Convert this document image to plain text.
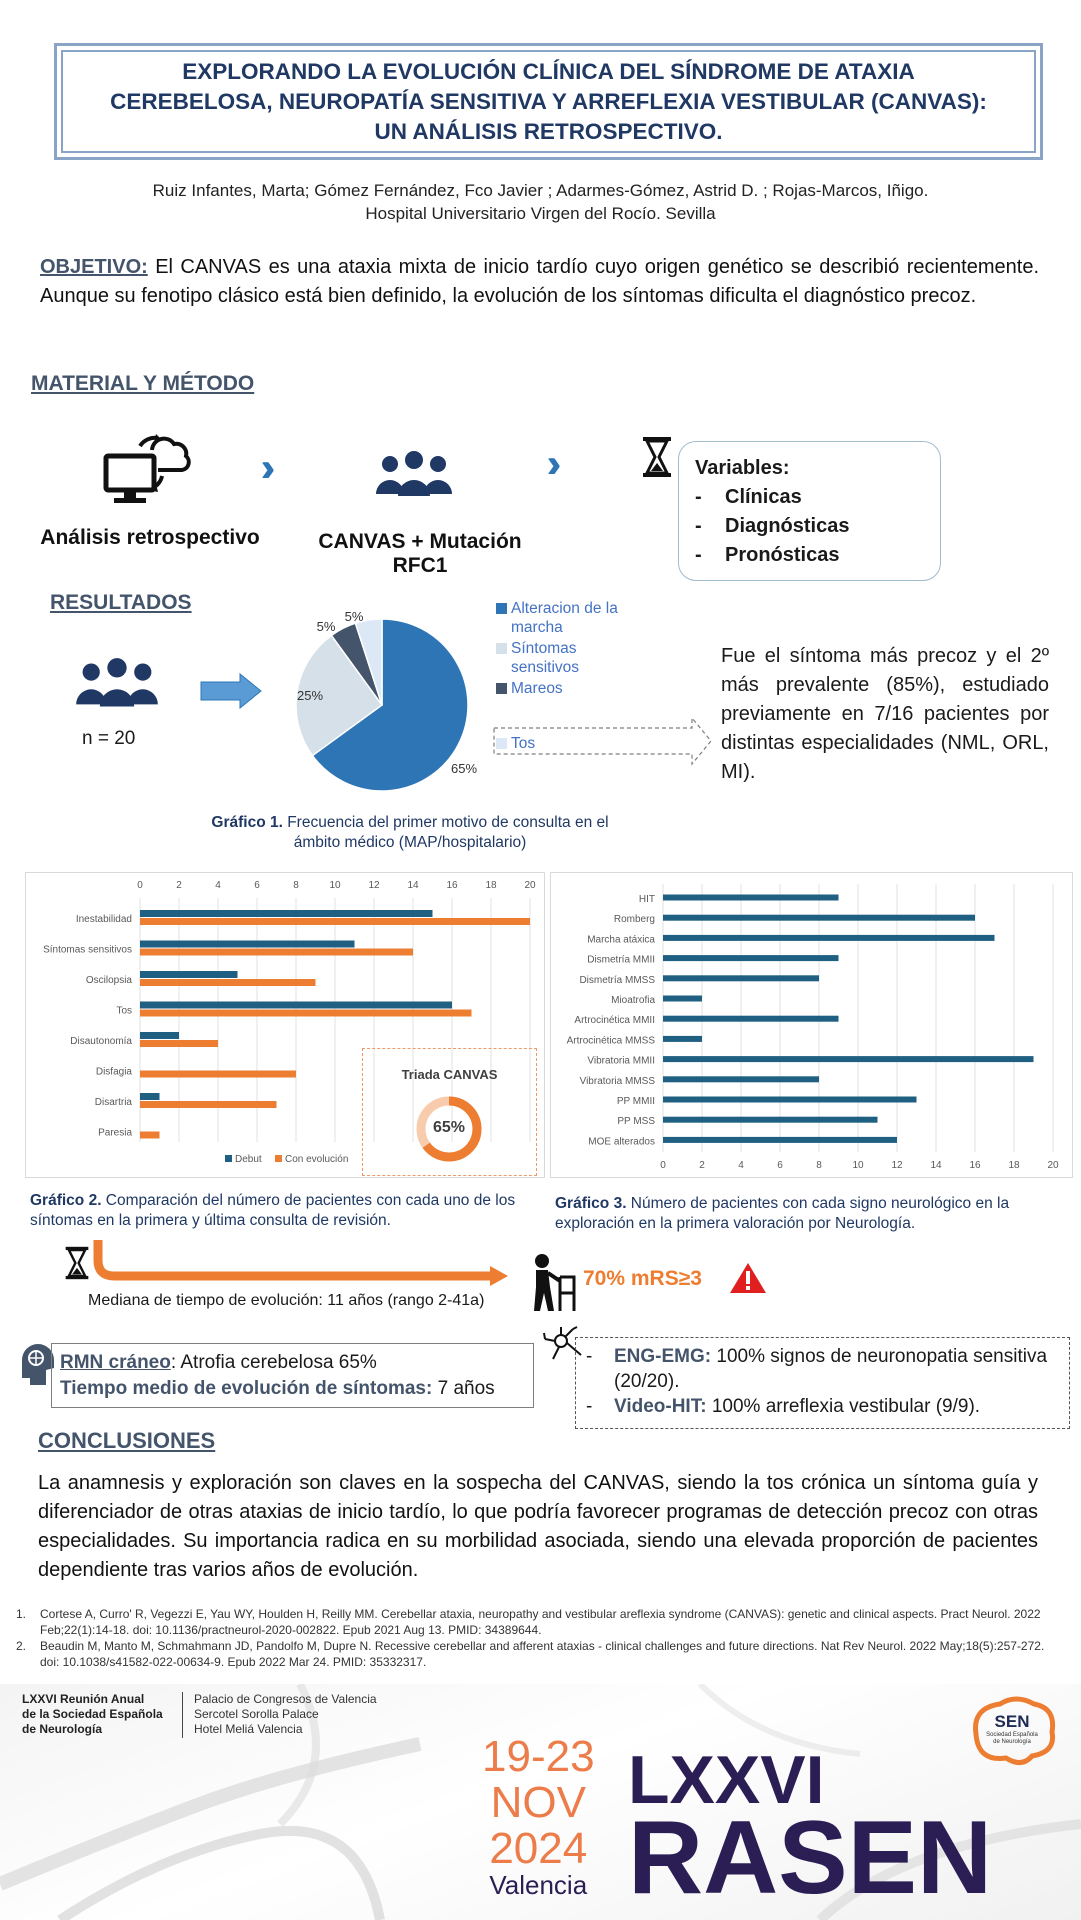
EXPLORANDO LA EVOLUCIÓN CLÍNICA DEL SÍNDROME DE ATAXIA
CEREBELOSA, NEUROPATÍA SENSITIVA Y ARREFLEXIA VESTIBULAR (CANVAS):
UN ANÁLISIS RETROSPECTIVO.
Ruiz Infantes, Marta; Gómez Fernández, Fco Javier ; Adarmes-Gómez, Astrid D. ; Rojas-Marcos, Iñigo.
Hospital Universitario Virgen del Rocío. Sevilla
OBJETIVO: El CANVAS es una ataxia mixta de inicio tardío cuyo origen genético se describió recientemente. Aunque su fenotipo clásico está bien definido, la evolución de los síntomas dificulta el diagnóstico precoz.
MATERIAL Y MÉTODO
Análisis retrospectivo	CANVAS + Mutación RFC1
Variables:
-	Clínicas
-	Diagnósticas
-	Pronósticas
RESULTADOS
n = 20
65%
25%
5%
5%	Alteracion de la marcha
Síntomas sensitivos
Mareos
Tos
Fue el síntoma más precoz y el 2º más prevalente (85%), estudiado previamente en 7/16 pacientes por distintas especialidades (NML, ORL, MI).
Gráfico 1. Frecuencia del primer motivo de consulta en el ámbito médico (MAP/hospitalario)
0	2	4	6	8	10	12	14	16	18	20
Inestabilidad
Síntomas sensitivos
Oscilopsia
Tos
Disautonomía
Disfagia
Disartria
Paresia
Debut Con evolución
Triada CANVAS
65%
0	2	4	6	8	10	12	14	16	18	20
HIT
Romberg
Marcha atáxica
Dismetría MMII
Dismetría MMSS
Mioatrofia
Artrocinética MMII
Artrocinética MMSS
Vibratoria MMII
Vibratoria MMSS
PP MMII
PP MSS
MOE alterados
Gráfico 2. Comparación del número de pacientes con cada uno de los síntomas en la primera y última consulta de revisión.
Gráfico 3. Número de pacientes con cada signo neurológico en la exploración en la primera valoración por Neurología.
Mediana de tiempo de evolución: 11 años (rango 2-41a)
70% mRS≥3
RMN cráneo: Atrofia cerebelosa 65%
Tiempo medio de evolución de síntomas: 7 años
-	ENG-EMG: 100% signos de neuronopatia sensitiva (20/20).
-	Video-HIT: 100% arreflexia vestibular (9/9).
CONCLUSIONES
La anamnesis y exploración son claves en la sospecha del CANVAS, siendo la tos crónica un síntoma guía y diferenciador de otras ataxias de inicio tardío, lo que podría favorecer programas de detección precoz con otras especialidades. Su importancia radica en su morbilidad asociada, siendo una elevada proporción de pacientes dependiente tras varios años de evolución.
1.	Cortese A, Curro' R, Vegezzi E, Yau WY, Houlden H, Reilly MM. Cerebellar ataxia, neuropathy and vestibular areflexia syndrome (CANVAS): genetic and clinical aspects. Pract Neurol. 2022 Feb;22(1):14-18. doi: 10.1136/practneurol-2020-002822. Epub 2021 Aug 13. PMID: 34389644.
2.	Beaudin M, Manto M, Schmahmann JD, Pandolfo M, Dupre N. Recessive cerebellar and afferent ataxias - clinical challenges and future directions. Nat Rev Neurol. 2022 May;18(5):257-272. doi: 10.1038/s41582-022-00634-9. Epub 2022 Mar 24. PMID: 35332317.
LXXVI Reunión Anual
de la Sociedad Española
de Neurología
Palacio de Congresos de Valencia
Sercotel Sorolla Palace
Hotel Meliá Valencia
19-23
NOV
2024
Valencia
LXXVI
RASEN
SEN
Sociedad Española
de Neurología
